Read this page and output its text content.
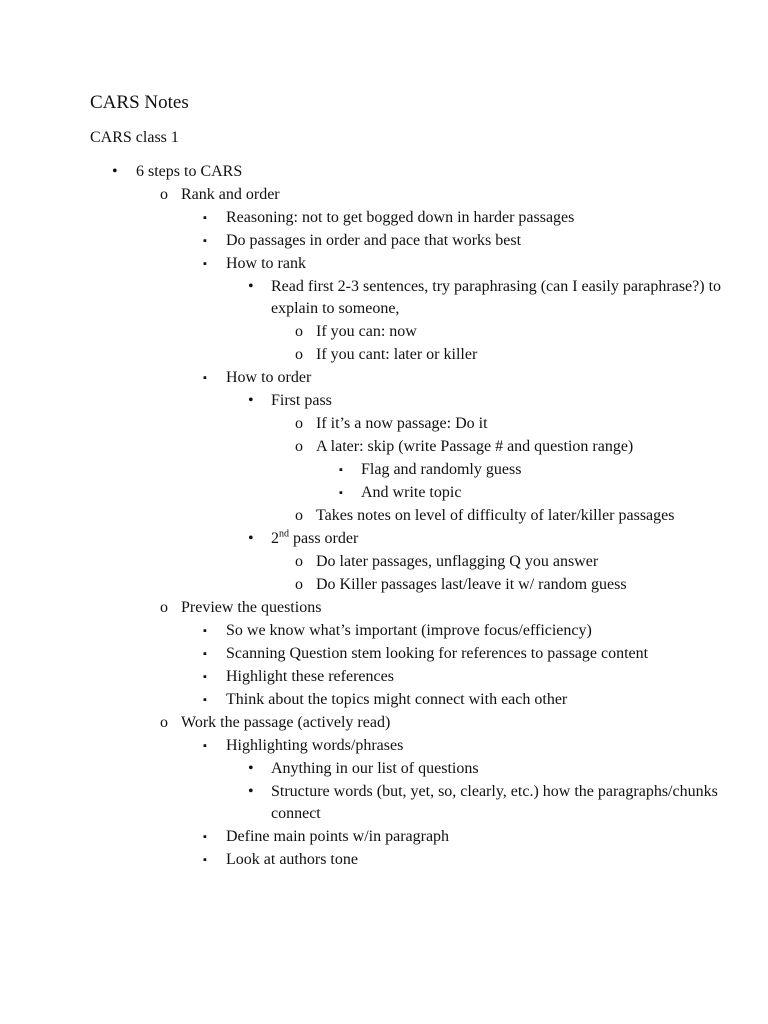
CARS Notes
CARS class 1
• 6 steps to CARS
o Rank and order
▪ Reasoning: not to get bogged down in harder passages
▪ Do passages in order and pace that works best
▪ How to rank
• Read first 2-3 sentences, try paraphrasing (can I easily paraphrase?) to explain to someone,
o If you can: now
o If you cant: later or killer
▪ How to order
• First pass
o If it’s a now passage: Do it
o A later: skip (write Passage # and question range)
▪ Flag and randomly guess
▪ And write topic
o Takes notes on level of difficulty of later/killer passages
• 2nd pass order
o Do later passages, unflagging Q you answer
o Do Killer passages last/leave it w/ random guess
o Preview the questions
▪ So we know what’s important (improve focus/efficiency)
▪ Scanning Question stem looking for references to passage content
▪ Highlight these references
▪ Think about the topics might connect with each other
o Work the passage (actively read)
▪ Highlighting words/phrases
• Anything in our list of questions
• Structure words (but, yet, so, clearly, etc.) how the paragraphs/chunks connect
▪ Define main points w/in paragraph
▪ Look at authors tone
